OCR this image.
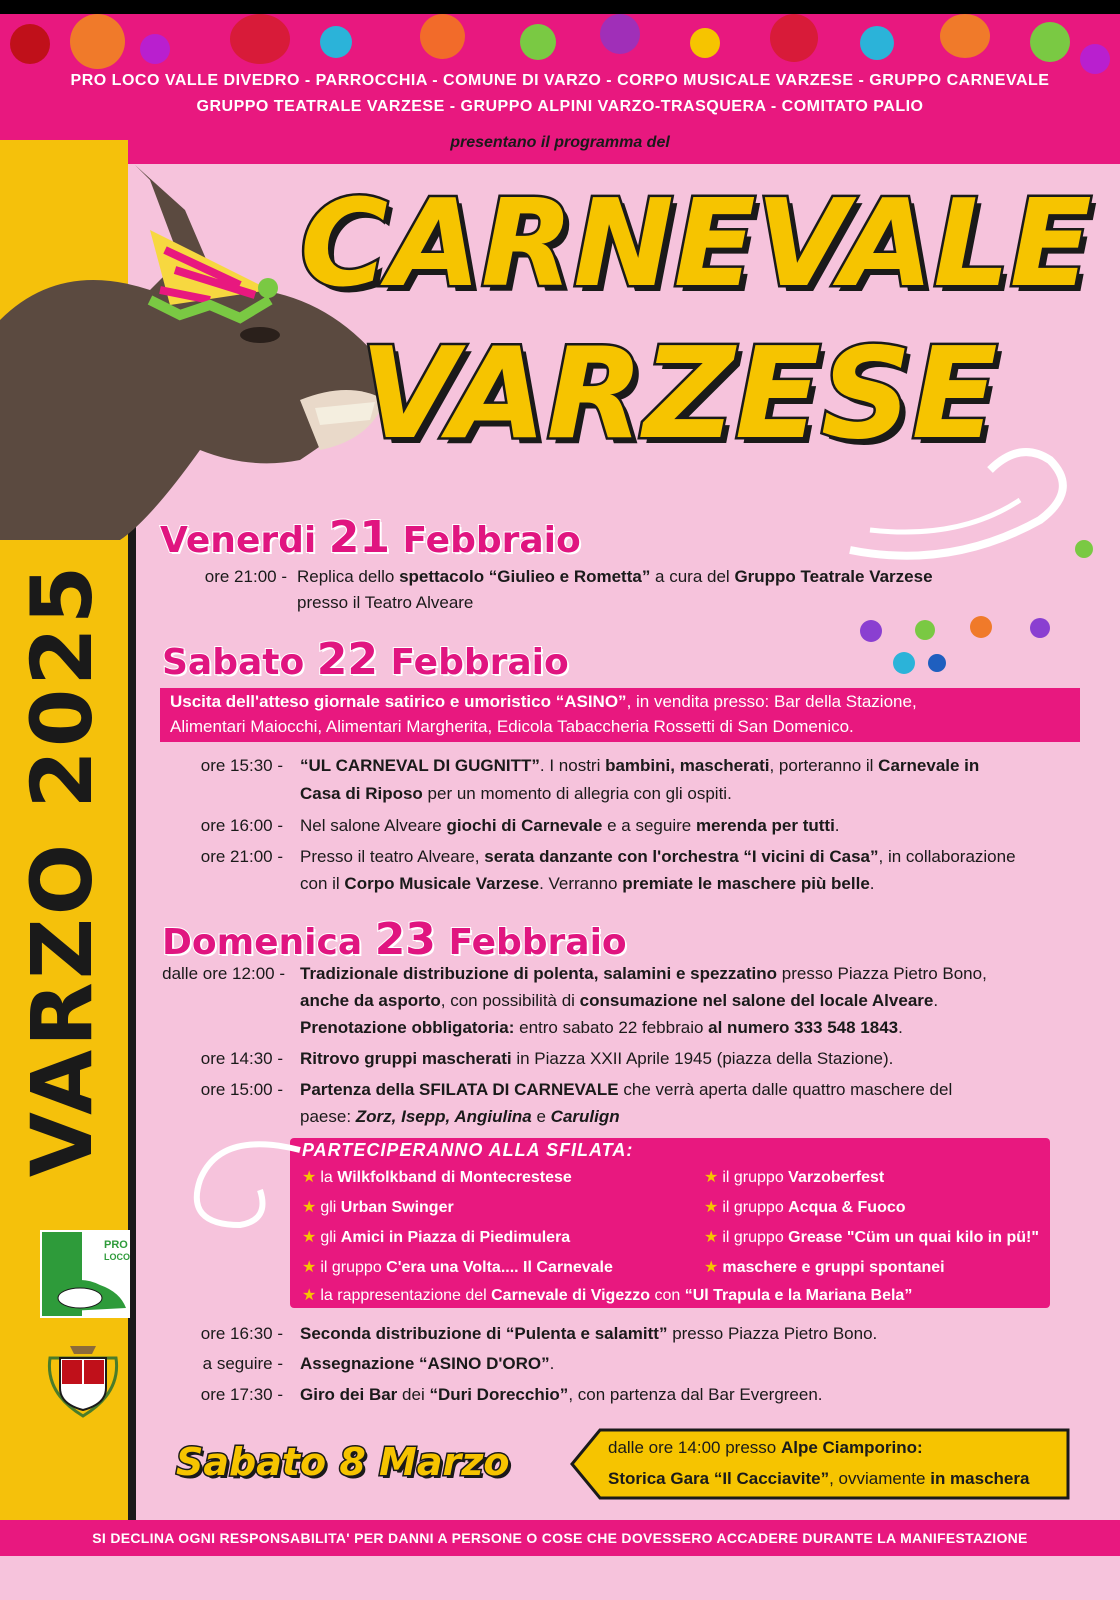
PRO LOCO VALLE DIVEDRO - PARROCCHIA - COMUNE DI VARZO - CORPO MUSICALE VARZESE - GRUPPO CARNEVALE
GRUPPO TEATRALE VARZESE - GRUPPO ALPINI VARZO-TRASQUERA - COMITATO PALIO
presentano il programma del
VARZO 2025
CARNEVALE
VARZESE
Venerdi 21 Febbraio
ore 21:00 - Replica dello spettacolo “Giulieo e Rometta” a cura del Gruppo Teatrale Varzese
presso il Teatro Alveare
Sabato 22 Febbraio
Uscita dell'atteso giornale satirico e umoristico “ASINO”, in vendita presso: Bar della Stazione,
Alimentari Maiocchi, Alimentari Margherita, Edicola Tabaccheria Rossetti di San Domenico.
ore 15:30 - “UL CARNEVAL DI GUGNITT”. I nostri bambini, mascherati, porteranno il Carnevale in
Casa di Riposo per un momento di allegria con gli ospiti.
ore 16:00 - Nel salone Alveare giochi di Carnevale e a seguire merenda per tutti.
ore 21:00 - Presso il teatro Alveare, serata danzante con l'orchestra “I vicini di Casa”, in collaborazione
con il Corpo Musicale Varzese. Verranno premiate le maschere più belle.
Domenica 23 Febbraio
dalle ore 12:00 - Tradizionale distribuzione di polenta, salamini e spezzatino presso Piazza Pietro Bono,
anche da asporto, con possibilità di consumazione nel salone del locale Alveare.
Prenotazione obbligatoria: entro sabato 22 febbraio al numero 333 548 1843.
ore 14:30 - Ritrovo gruppi mascherati in Piazza XXII Aprile 1945 (piazza della Stazione).
ore 15:00 - Partenza della SFILATA DI CARNEVALE che verrà aperta dalle quattro maschere del
paese: Zorz, Isepp, Angiulina e Carulign
PARTECIPERANNO ALLA SFILATA:
★ la Wilkfolkband di Montecrestese
★ gli Urban Swinger
★ gli Amici in Piazza di Piedimulera
★ il gruppo C'era una Volta.... Il Carnevale
★ il gruppo Varzoberfest
★ il gruppo Acqua & Fuoco
★ il gruppo Grease "Cüm un quai kilo in pü!"
★ maschere e gruppi spontanei
★ la rappresentazione del Carnevale di Vigezzo con “Ul Trapula e la Mariana Bela”
ore 16:30 - Seconda distribuzione di “Pulenta e salamitt” presso Piazza Pietro Bono.
a seguire - Assegnazione “ASINO D'ORO”.
ore 17:30 - Giro dei Bar dei “Duri Dorecchio”, con partenza dal Bar Evergreen.
PRO
LOCO
Sabato 8 Marzo	dalle ore 14:00 presso Alpe Ciamporino:
Storica Gara “Il Cacciavite”, ovviamente in maschera
SI DECLINA OGNI RESPONSABILITA' PER DANNI A PERSONE O COSE CHE DOVESSERO ACCADERE DURANTE LA MANIFESTAZIONE
